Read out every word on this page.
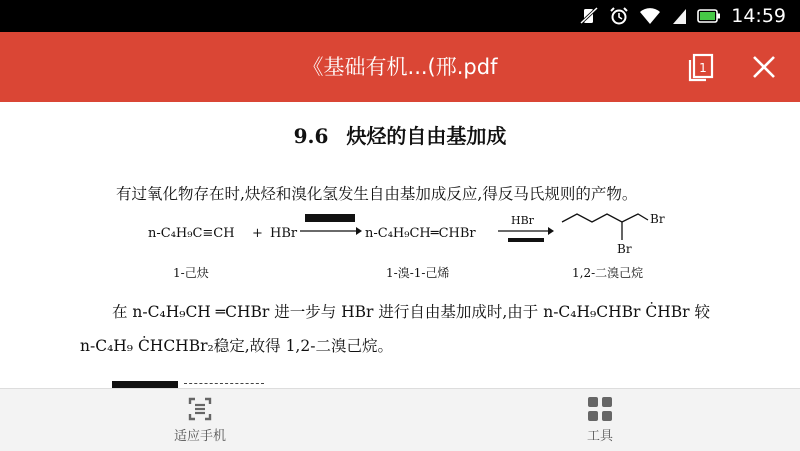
14:59
《基础有机...(邢.pdf	1
9.6 炔烃的自由基加成
有过氧化物存在时,炔烃和溴化氢发生自由基加成反应,得反马氏规则的产物。
n-C₄H₉C≡CH + HBr → n-C₄H₉CH═CHBr
HBr	Br
Br
1-己炔	1-溴-1-己烯	1,2-二溴己烷
在 n-C₄H₉CH ═CHBr 进一步与 HBr 进行自由基加成时,由于 n-C₄H₉CHBr ĊHBr 较
n-C₄H₉ ĊHCHBr₂稳定,故得 1,2-二溴己烷。
适应手机	工具
